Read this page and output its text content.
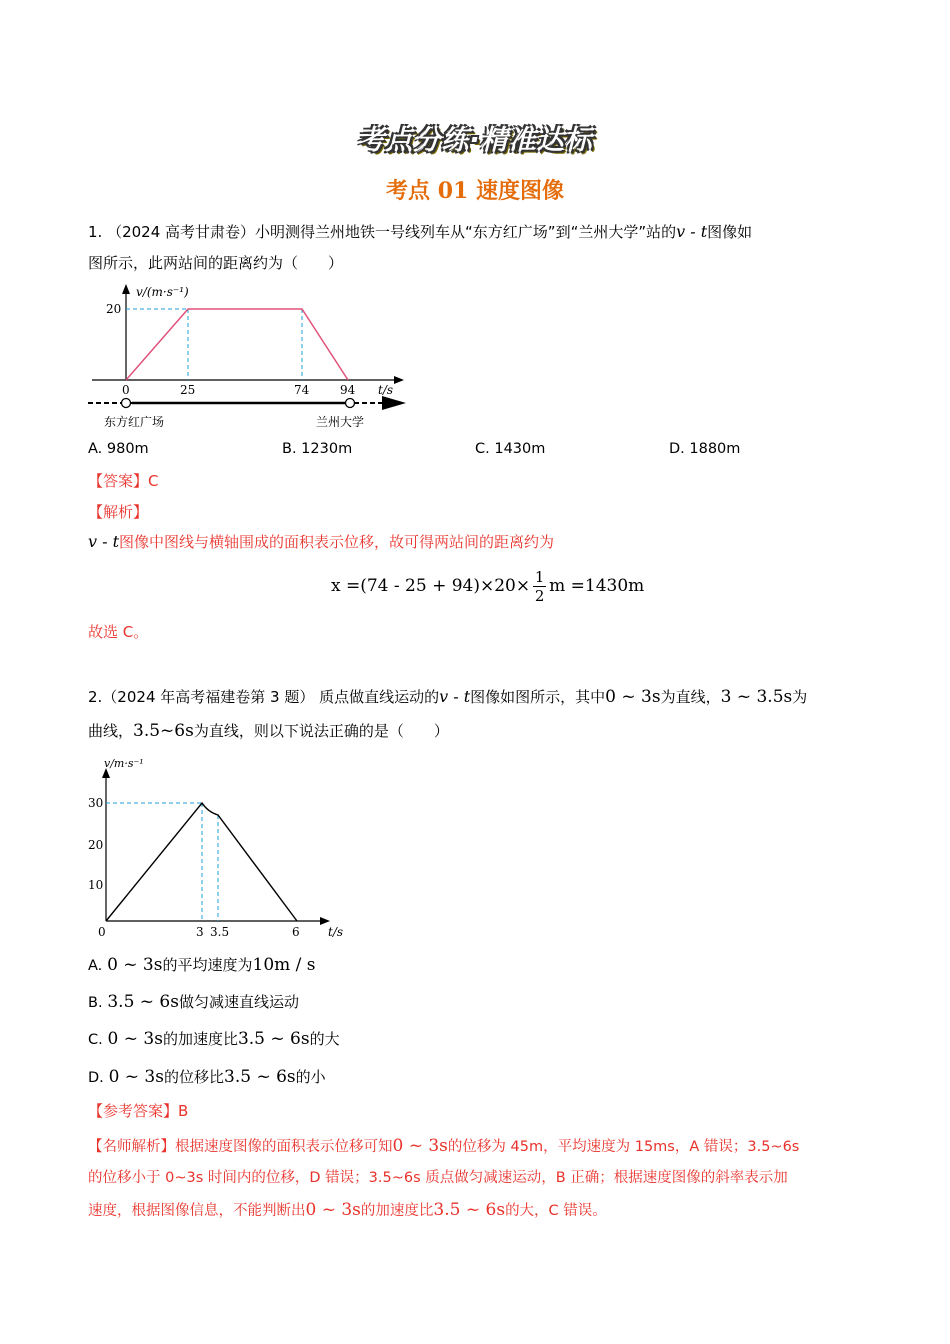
考点分练·精准达标
考点 01 速度图像
1. （2024 高考甘肃卷）小明测得兰州地铁一号线列车从“东方红广场”到“兰州大学”站的v - t图像如
图所示，此两站间的距离约为（　　）
v/(m·s⁻¹)
t/s
20
0	25	74	94
东方红广场	兰州大学
A. 980m	B. 1230m	C. 1430m	D. 1880m
【答案】C
【解析】
v - t图像中图线与横轴围成的面积表示位移，故可得两站间的距离约为
$x =(74 - 25 + 94)\times 20\times \frac{1}{2}$ m =1430m
故选 C。
2.（2024 年高考福建卷第 3 题） 质点做直线运动的v - t图像如图所示，其中0 ~ 3s为直线，3 ~ 3.5s为
曲线，3.5~6s为直线，则以下说法正确的是（　　）
v/m·s⁻¹
t/s
10
20
30
0	3 3.5	6
A. 0 ~ 3s的平均速度为10m / s
B. 3.5 ~ 6s做匀减速直线运动
C. 0 ~ 3s的加速度比3.5 ~ 6s的大
D. 0 ~ 3s的位移比3.5 ~ 6s的小
【参考答案】B
【名师解析】根据速度图像的面积表示位移可知0 ~ 3s的位移为 45m，平均速度为 15ms，A 错误；3.5~6s
的位移小于 0~3s 时间内的位移，D 错误；3.5~6s 质点做匀减速运动，B 正确；根据速度图像的斜率表示加
速度，根据图像信息，不能判断出0 ~ 3s的加速度比3.5 ~ 6s的大，C 错误。
